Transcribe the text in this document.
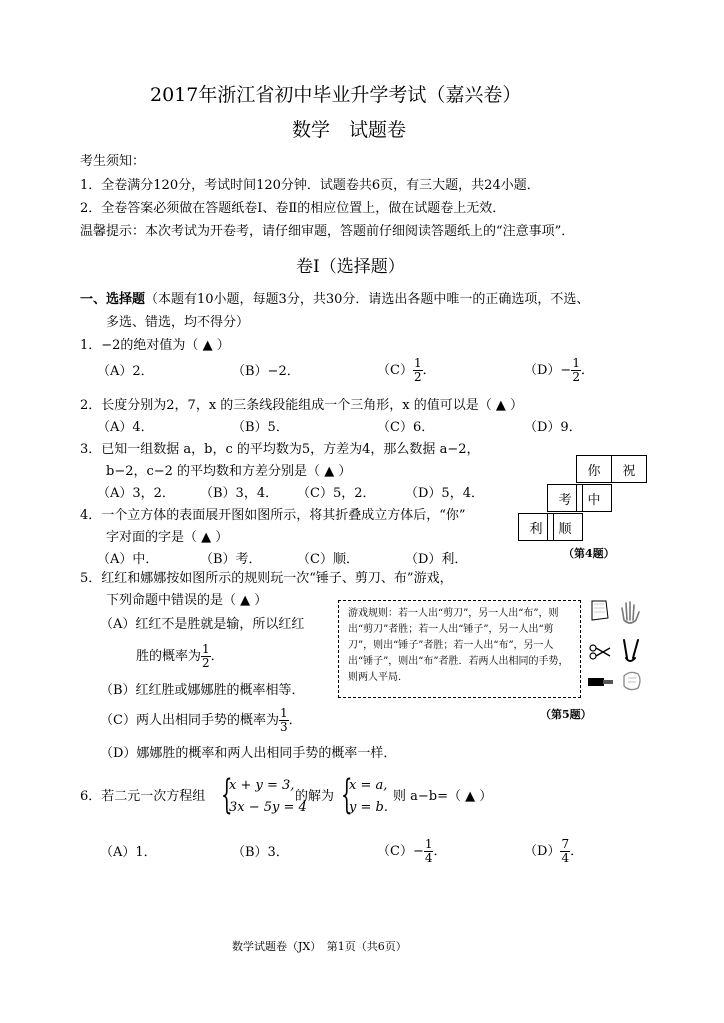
2017年浙江省初中毕业升学考试（嘉兴卷）
数学　试题卷
考生须知：
1．全卷满分120分，考试时间120分钟．试题卷共6页，有三大题，共24小题．
2．全卷答案必须做在答题纸卷Ⅰ、卷Ⅱ的相应位置上，做在试题卷上无效．
温馨提示：本次考试为开卷考，请仔细审题，答题前仔细阅读答题纸上的“注意事项”．
卷Ⅰ（选择题）
一、选择题（本题有10小题，每题3分，共30分．请选出各题中唯一的正确选项，不选、
多选、错选，均不得分）
1．−2的绝对值为（ ▲ ）
（A）2．	（B）−2．	$(C) \frac{1}{2}$ ．	$(D)- \frac{1}{2}$ ．
2．长度分别为2，7，x 的三条线段能组成一个三角形，x 的值可以是（ ▲ ）
（A）4．	（B）5．	（C）6．	（D）9．
3．已知一组数据 a，b，c 的平均数为5，方差为4，那么数据 a−2，
b−2，c−2 的平均数和方差分别是（ ▲ ）
（A）3，2． （B）3，4． （C）5，2． （D）5，4．
4．一个立方体的表面展开图如图所示，将其折叠成立方体后，“你”
字对面的字是（ ▲ ）
（A）中．	（B）考．	（C）顺．	（D）利．
你	祝
考	中
利	顺
（第4题）
5．红红和娜娜按如图所示的规则玩一次“锤子、剪刀、布”游戏，
下列命题中错误的是（ ▲ ）
（A）红红不是胜就是输，所以红红
胜的概率为 $\frac{1}{2}$ ．
（B）红红胜或娜娜胜的概率相等．
（C）两人出相同手势的概率为 $\frac{1}{3}$ ．
（D）娜娜胜的概率和两人出相同手势的概率一样．
游戏规则：若一人出“剪刀”，另一人出“布”，则出“剪刀”者胜；若一人出“锤子”，另一人出“剪刀”，则出“锤子”者胜；若一人出“布”，另一人出“锤子”，则出“布”者胜．若两人出相同的手势，则两人平局．
（第5题）
6．若二元一次方程组 {
x + y = 3,
3x − 5y = 4
的解为 {
x = a,
y = b.
则 a−b=（ ▲ ）
（A）1．	（B）3．	$(C)- \frac{1}{4}$ ．	$(D) \frac{7}{4}$ ．
数学试题卷（JX）　第1页（共6页）
